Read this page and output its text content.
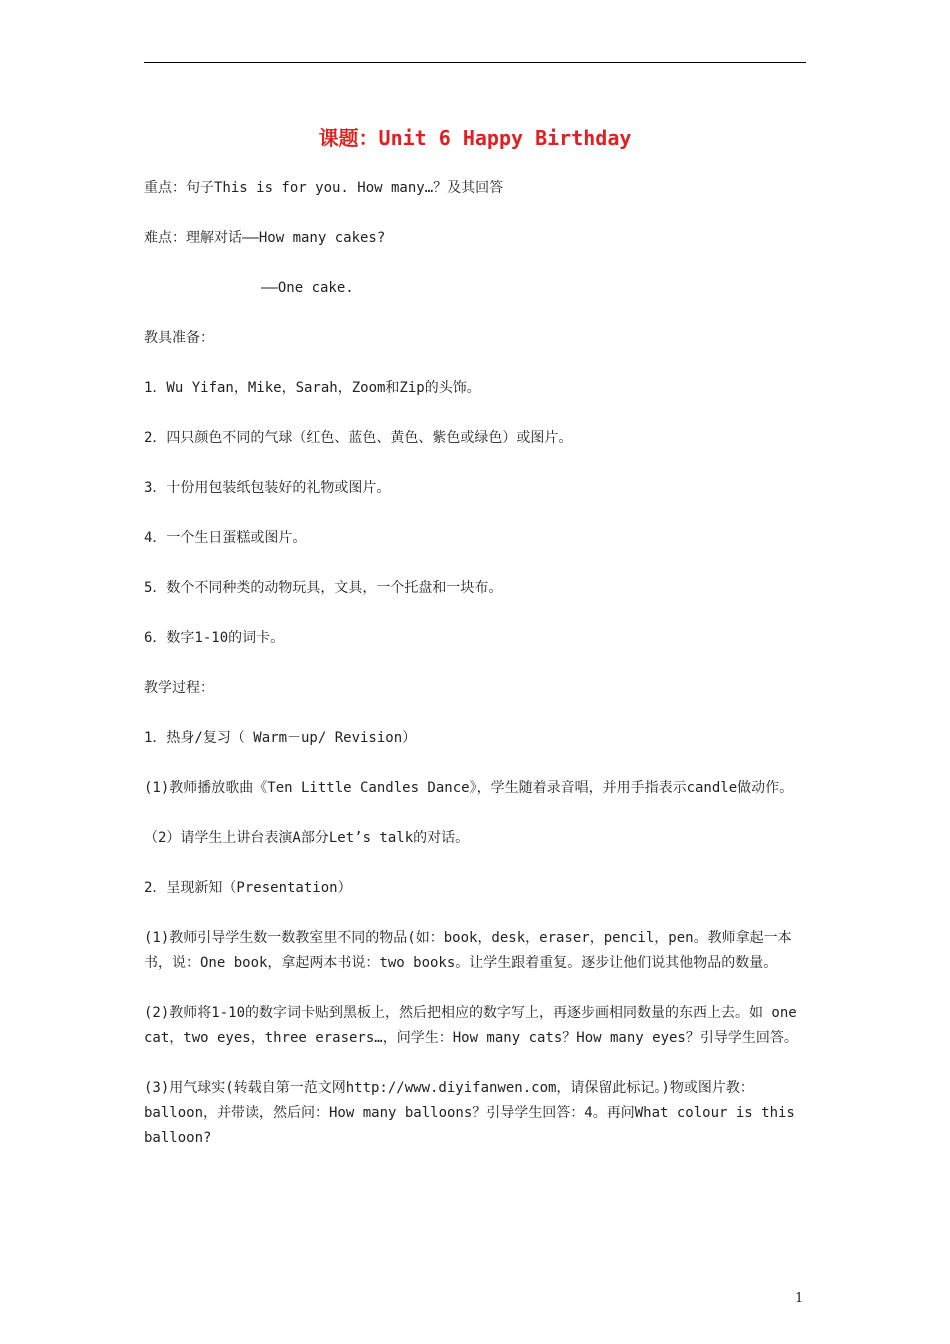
课题：Unit 6 Happy Birthday

重点：句子This is for you. How many…？及其回答

难点：理解对话——How many cakes?

——One cake.

教具准备：

1．Wu Yifan，Mike，Sarah，Zoom和Zip的头饰。

2．四只颜色不同的气球（红色、蓝色、黄色、紫色或绿色）或图片。

3．十份用包装纸包装好的礼物或图片。

4．一个生日蛋糕或图片。

5．数个不同种类的动物玩具，文具，一个托盘和一块布。

6．数字1-10的词卡。

教学过程：

1．热身/复习（ Warm－up/ Revision）

(1)教师播放歌曲《Ten Little Candles Dance》，学生随着录音唱，并用手指表示candle做动作。

（2）请学生上讲台表演A部分Let’s talk的对话。

2．呈现新知（Presentation）

(1)教师引导学生数一数教室里不同的物品(如：book，desk，eraser，pencil，pen。教师拿起一本书，说：One book，拿起两本书说：two books。让学生跟着重复。逐步让他们说其他物品的数量。

(2)教师将1-10的数字词卡贴到黑板上，然后把相应的数字写上，再逐步画相同数量的东西上去。如 one cat，two eyes，three erasers…，问学生：How many cats？How many eyes？引导学生回答。

(3)用气球实(转载自第一范文网http://www.diyifanwen.com，请保留此标记。)物或图片教：balloon，并带读，然后问：How many balloons？引导学生回答：4。再问What colour is this balloon?

1
